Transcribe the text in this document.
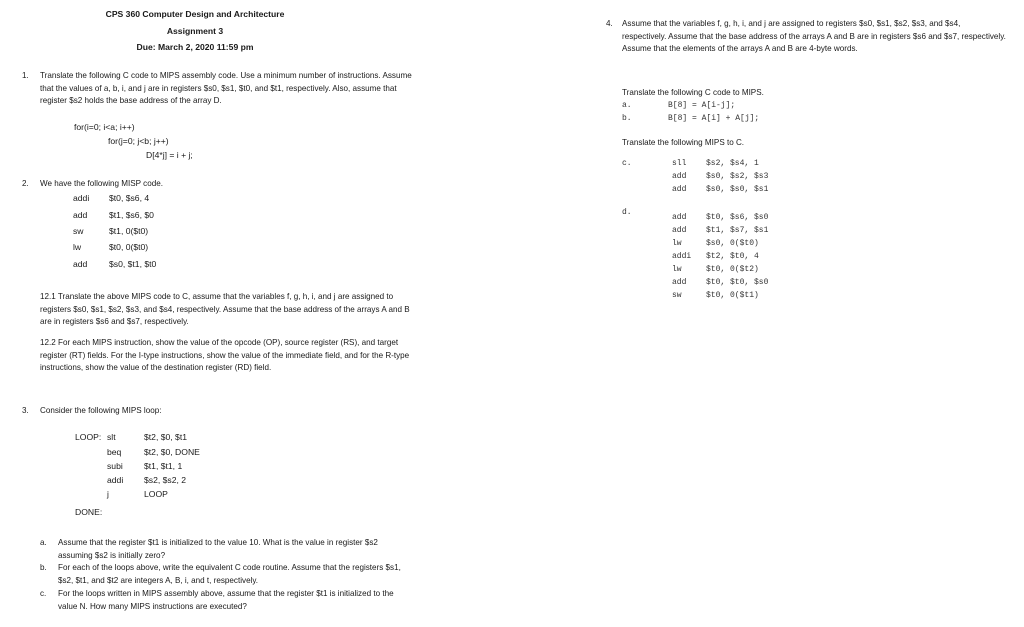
CPS 360 Computer Design and Architecture
Assignment 3
Due: March 2, 2020 11:59 pm
1. Translate the following C code to MIPS assembly code. Use a minimum number of instructions. Assume that the values of a, b, i, and j are in registers $s0, $s1, $t0, and $t1, respectively. Also, assume that register $s2 holds the base address of the array D.
for(i=0; i<a; i++)
for(j=0; j<b; j++)
D[4*j] = i + j;
2. We have the following MISP code.
addi $t0, $s6, 4
add	$t1, $s6, $0
sw	$t1, 0($t0)
lw	$t0, 0($t0)
add	$s0, $t1, $t0
12.1 Translate the above MIPS code to C, assume that the variables f, g, h, i, and j are assigned to registers $s0, $s1, $s2, $s3, and $s4, respectively. Assume that the base address of the arrays A and B are in registers $s6 and $s7, respectively.
12.2 For each MIPS instruction, show the value of the opcode (OP), source register (RS), and target register (RT) fields. For the I-type instructions, show the value of the immediate field, and for the R-type instructions, show the value of the destination register (RD) field.
3. Consider the following MIPS loop:
LOOP: slt	$t2, $0, $t1
beq	$t2, $0, DONE
subi $t1, $t1, 1
addi $s2, $s2, 2
j	LOOP
DONE:
a. Assume that the register $t1 is initialized to the value 10. What is the value in register $s2 assuming $s2 is initially zero?
b. For each of the loops above, write the equivalent C code routine. Assume that the registers $s1, $s2, $t1, and $t2 are integers A, B, i, and t, respectively.
c. For the loops written in MIPS assembly above, assume that the register $t1 is initialized to the value N. How many MIPS instructions are executed?
4. Assume that the variables f, g, h, i, and j are assigned to registers $s0, $s1, $s2, $s3, and $s4, respectively. Assume that the base address of the arrays A and B are in registers $s6 and $s7, respectively. Assume that the elements of the arrays A and B are 4-byte words.
Translate the following C code to MIPS.
a.	B[8] = A[i-j];
b.	B[8] = A[i] + A[j];
Translate the following MIPS to C.
c.	sll $s2, $s4, 1
add $s0, $s2, $s3
add $s0, $s0, $s1
d.
add $t0, $s6, $s0
add $t1, $s7, $s1
lw	$s0, 0($t0)
addi $t2, $t0, 4
lw	$t0, 0($t2)
add $t0, $t0, $s0
sw	$t0, 0($t1)
